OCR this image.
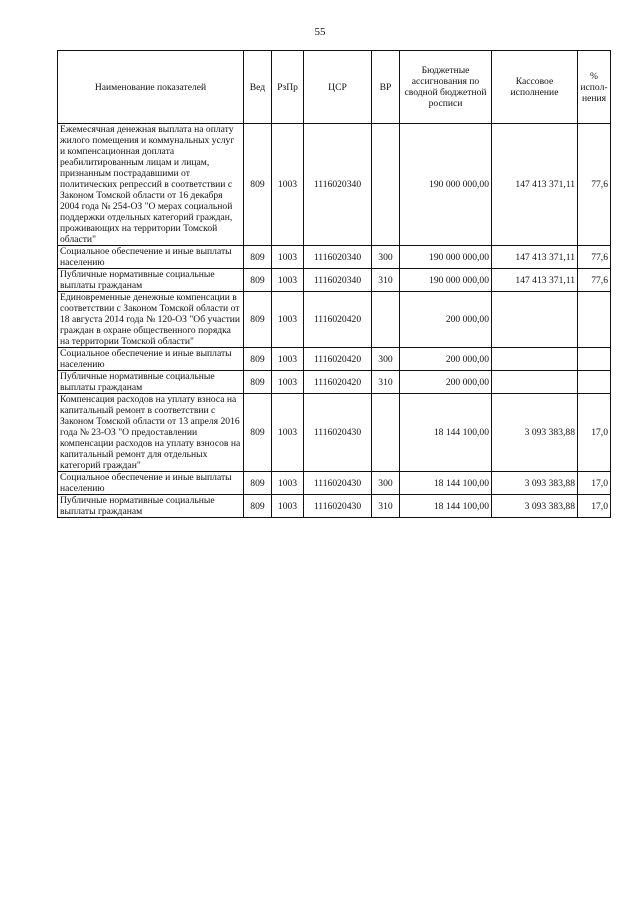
55
Наименование показателей	Вед	РзПр	ЦСР	ВР	Бюджетные ассигнования по сводной бюджетной росписи	Кассовое исполнение	% испол-нения
Ежемесячная денежная выплата на оплату жилого помещения и коммунальных услуг и компенсационная доплата реабилитированным лицам и лицам, признанным пострадавшими от политических репрессий в соответствии с Законом Томской области от 16 декабря 2004 года № 254-ОЗ "О мерах социальной поддержки отдельных категорий граждан, проживающих на территории Томской области"	809	1003	1116020340		190 000 000,00	147 413 371,11	77,6
Социальное обеспечение и иные выплаты населению	809	1003	1116020340	300	190 000 000,00	147 413 371,11	77,6
Публичные нормативные социальные выплаты гражданам	809	1003	1116020340	310	190 000 000,00	147 413 371,11	77,6
Единовременные денежные компенсации в соответствии с Законом Томской области от 18 августа 2014 года № 120-ОЗ "Об участии граждан в охране общественного порядка на территории Томской области"	809	1003	1116020420		200 000,00		
Социальное обеспечение и иные выплаты населению	809	1003	1116020420	300	200 000,00		
Публичные нормативные социальные выплаты гражданам	809	1003	1116020420	310	200 000,00		
Компенсация расходов на уплату взноса на капитальный ремонт в соответствии с Законом Томской области от 13 апреля 2016 года № 23-ОЗ "О предоставлении компенсации расходов на уплату взносов на капитальный ремонт для отдельных категорий граждан"	809	1003	1116020430		18 144 100,00	3 093 383,88	17,0
Социальное обеспечение и иные выплаты населению	809	1003	1116020430	300	18 144 100,00	3 093 383,88	17,0
Публичные нормативные социальные выплаты гражданам	809	1003	1116020430	310	18 144 100,00	3 093 383,88	17,0
